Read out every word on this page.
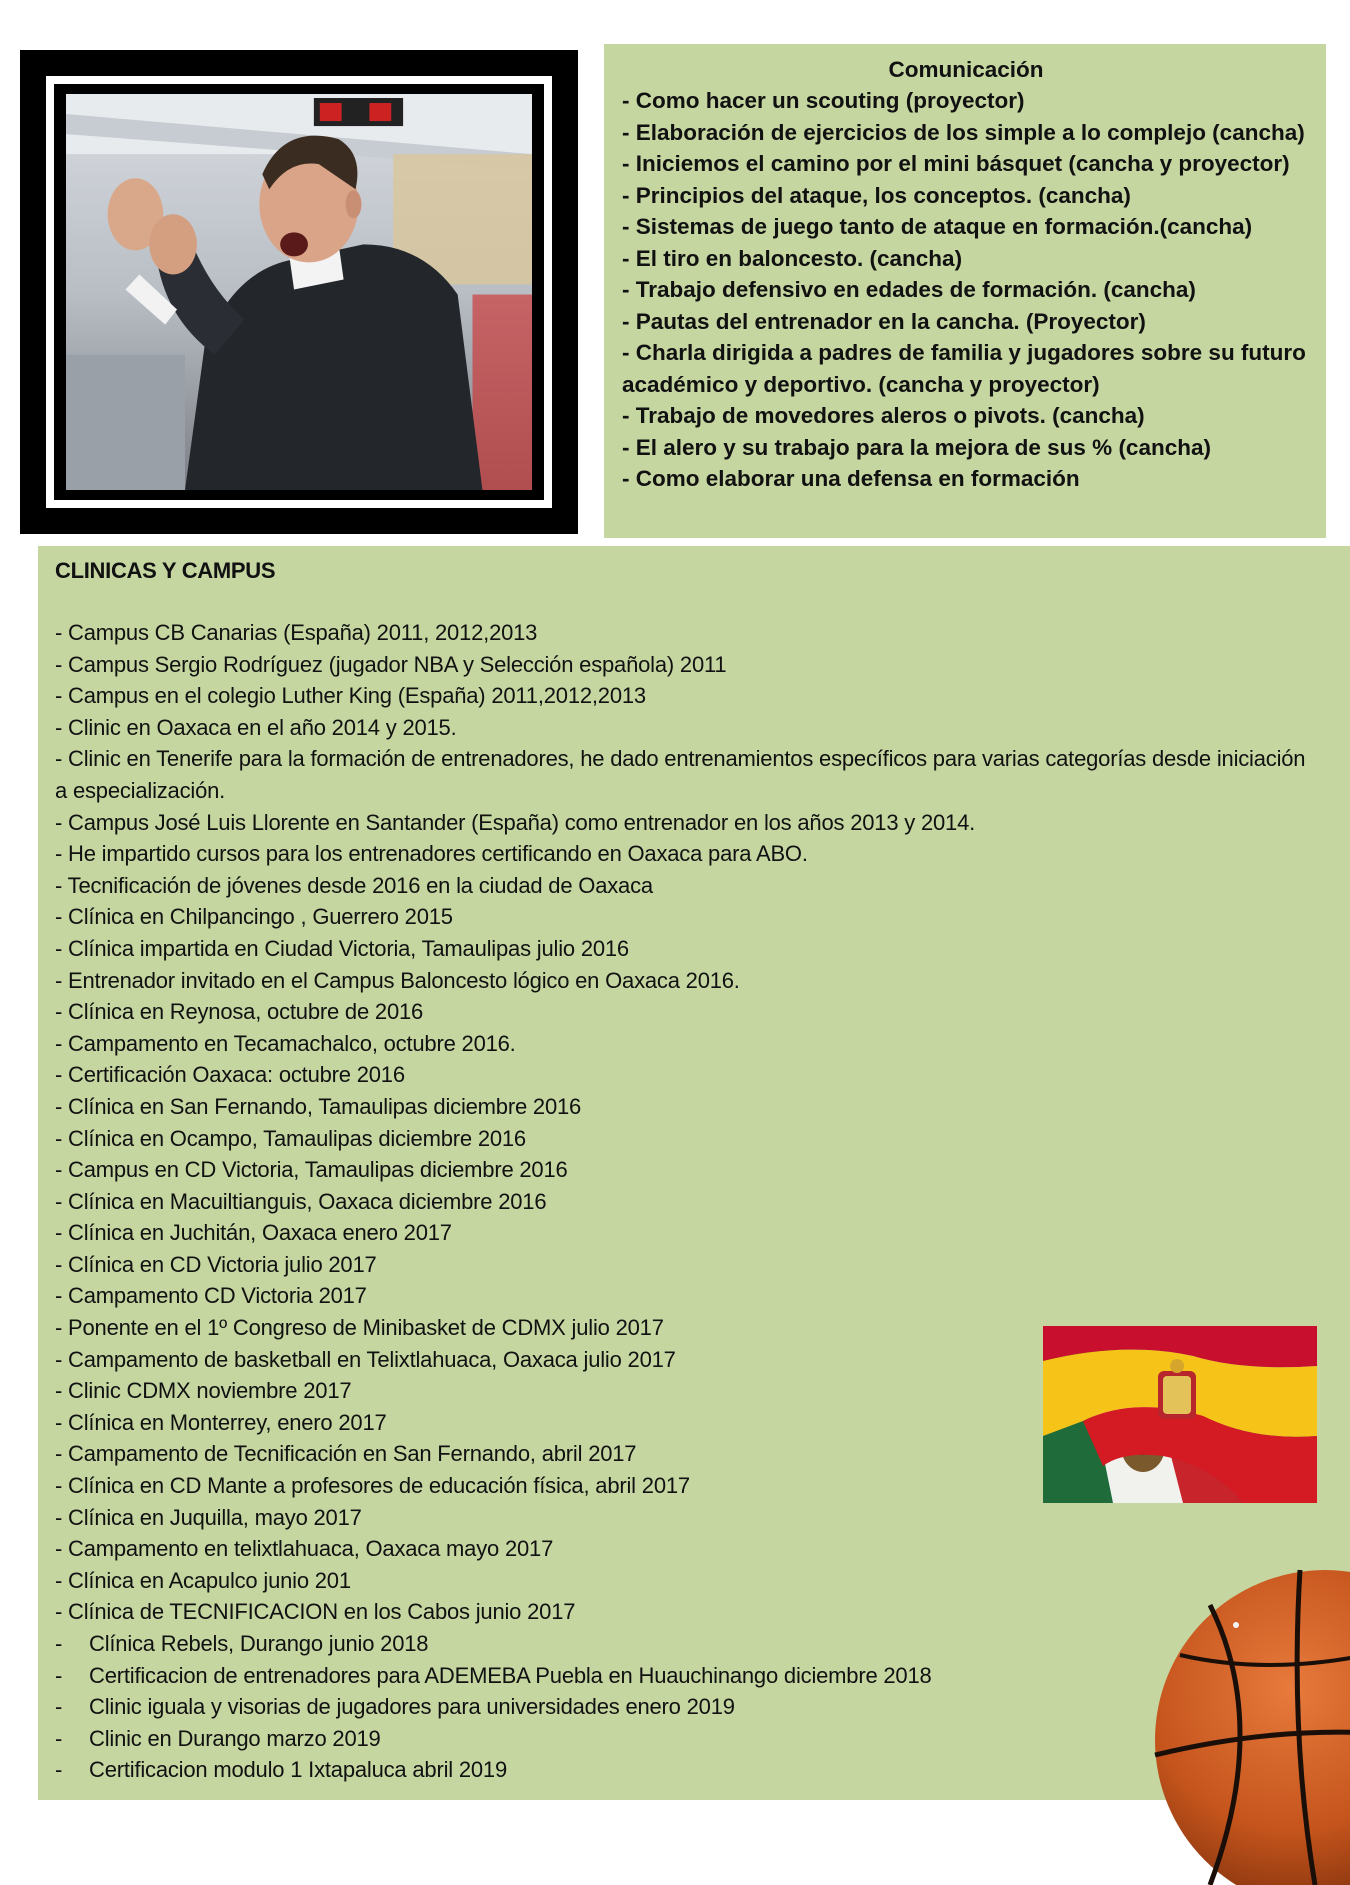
Comunicación

- Como hacer un scouting (proyector)
- Elaboración de ejercicios de los simple a lo complejo (cancha)
- Iniciemos el camino por el mini básquet (cancha y proyector)
- Principios del ataque, los conceptos. (cancha)
- Sistemas de juego tanto de ataque en formación.(cancha)
- El tiro en baloncesto. (cancha)
- Trabajo defensivo en edades de formación. (cancha)
- Pautas del entrenador en la cancha. (Proyector)
- Charla dirigida a padres de familia y jugadores sobre su futuro académico y deportivo. (cancha y proyector)
- Trabajo de movedores aleros o pivots. (cancha)
- El alero y su trabajo para la mejora de sus % (cancha)
- Como elaborar una defensa en formación

CLINICAS Y CAMPUS

- Campus CB Canarias (España) 2011, 2012,2013
- Campus Sergio Rodríguez (jugador NBA y Selección española) 2011
- Campus en el colegio Luther King (España) 2011,2012,2013
- Clinic en Oaxaca en el año 2014 y 2015.
- Clinic en Tenerife para la formación de entrenadores, he dado entrenamientos específicos para varias categorías desde iniciación a especialización.
- Campus José Luis Llorente en Santander (España) como entrenador en los años 2013 y 2014.
- He impartido cursos para los entrenadores certificando en Oaxaca para ABO.
- Tecnificación de jóvenes desde 2016 en la ciudad de Oaxaca
- Clínica en Chilpancingo , Guerrero 2015
- Clínica impartida en Ciudad Victoria, Tamaulipas julio 2016
- Entrenador invitado en el Campus Baloncesto lógico en Oaxaca 2016.
- Clínica en Reynosa, octubre de 2016
- Campamento en Tecamachalco, octubre 2016.
- Certificación Oaxaca: octubre 2016
- Clínica en San Fernando, Tamaulipas diciembre 2016
- Clínica en Ocampo, Tamaulipas diciembre 2016
- Campus en CD Victoria, Tamaulipas diciembre 2016
- Clínica en Macuiltianguis, Oaxaca diciembre 2016
- Clínica en Juchitán, Oaxaca enero 2017
- Clínica en CD Victoria julio 2017
- Campamento CD Victoria 2017
- Ponente en el 1º Congreso de Minibasket de CDMX julio 2017
- Campamento de basketball en Telixtlahuaca, Oaxaca julio 2017
- Clinic CDMX noviembre 2017
- Clínica en Monterrey, enero 2017
- Campamento de Tecnificación en San Fernando, abril 2017
- Clínica en CD Mante a profesores de educación física, abril 2017
- Clínica en Juquilla, mayo 2017
- Campamento en telixtlahuaca, Oaxaca mayo 2017
- Clínica en Acapulco junio 201
- Clínica de TECNIFICACION en los Cabos junio 2017
- Clínica Rebels, Durango junio 2018
- Certificacion de entrenadores para ADEMEBA Puebla en Huauchinango diciembre 2018
- Clinic iguala y visorias de jugadores para universidades enero 2019
- Clinic en Durango marzo 2019
- Certificacion modulo 1 Ixtapaluca abril 2019
